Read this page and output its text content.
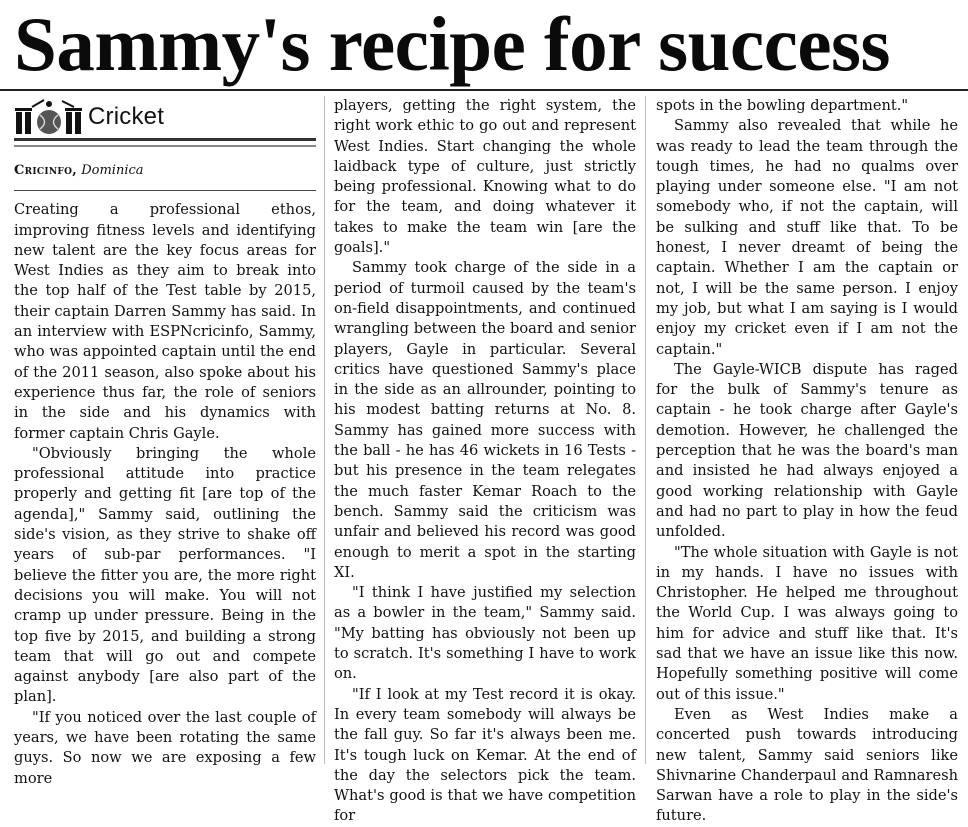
Sammy's recipe for success
Cricket
Cricinfo, Dominica

Creating a professional ethos, improving fitness levels and identifying new talent are the key focus areas for West Indies as they aim to break into the top half of the Test table by 2015, their captain Darren Sammy has said. In an interview with ESPNcricinfo, Sammy, who was appointed captain until the end of the 2011 season, also spoke about his experience thus far, the role of seniors in the side and his dynamics with former captain Chris Gayle.

"Obviously bringing the whole professional attitude into practice properly and getting fit [are top of the agenda]," Sammy said, outlining the side's vision, as they strive to shake off years of sub-par performances. "I believe the fitter you are, the more right decisions you will make. You will not cramp up under pressure. Being in the top five by 2015, and building a strong team that will go out and compete against anybody [are also part of the plan].

"If you noticed over the last couple of years, we have been rotating the same guys. So now we are exposing a few more

players, getting the right system, the right work ethic to go out and represent West Indies. Start changing the whole laidback type of culture, just strictly being professional. Knowing what to do for the team, and doing whatever it takes to make the team win [are the goals]."

Sammy took charge of the side in a period of turmoil caused by the team's on-field disappointments, and continued wrangling between the board and senior players, Gayle in particular. Several critics have questioned Sammy's place in the side as an allrounder, pointing to his modest batting returns at No. 8. Sammy has gained more success with the ball - he has 46 wickets in 16 Tests - but his presence in the team relegates the much faster Kemar Roach to the bench. Sammy said the criticism was unfair and believed his record was good enough to merit a spot in the starting XI.

"I think I have justified my selection as a bowler in the team," Sammy said. "My batting has obviously not been up to scratch. It's something I have to work on.

"If I look at my Test record it is okay. In every team somebody will always be the fall guy. So far it's always been me. It's tough luck on Kemar. At the end of the day the selectors pick the team. What's good is that we have competition for

spots in the bowling department."

Sammy also revealed that while he was ready to lead the team through the tough times, he had no qualms over playing under someone else. "I am not somebody who, if not the captain, will be sulking and stuff like that. To be honest, I never dreamt of being the captain. Whether I am the captain or not, I will be the same person. I enjoy my job, but what I am saying is I would enjoy my cricket even if I am not the captain."

The Gayle-WICB dispute has raged for the bulk of Sammy's tenure as captain - he took charge after Gayle's demotion. However, he challenged the perception that he was the board's man and insisted he had always enjoyed a good working relationship with Gayle and had no part to play in how the feud unfolded.

"The whole situation with Gayle is not in my hands. I have no issues with Christopher. He helped me throughout the World Cup. I was always going to him for advice and stuff like that. It's sad that we have an issue like this now. Hopefully something positive will come out of this issue."

Even as West Indies make a concerted push towards introducing new talent, Sammy said seniors like Shivnarine Chanderpaul and Ramnaresh Sarwan have a role to play in the side's future.
